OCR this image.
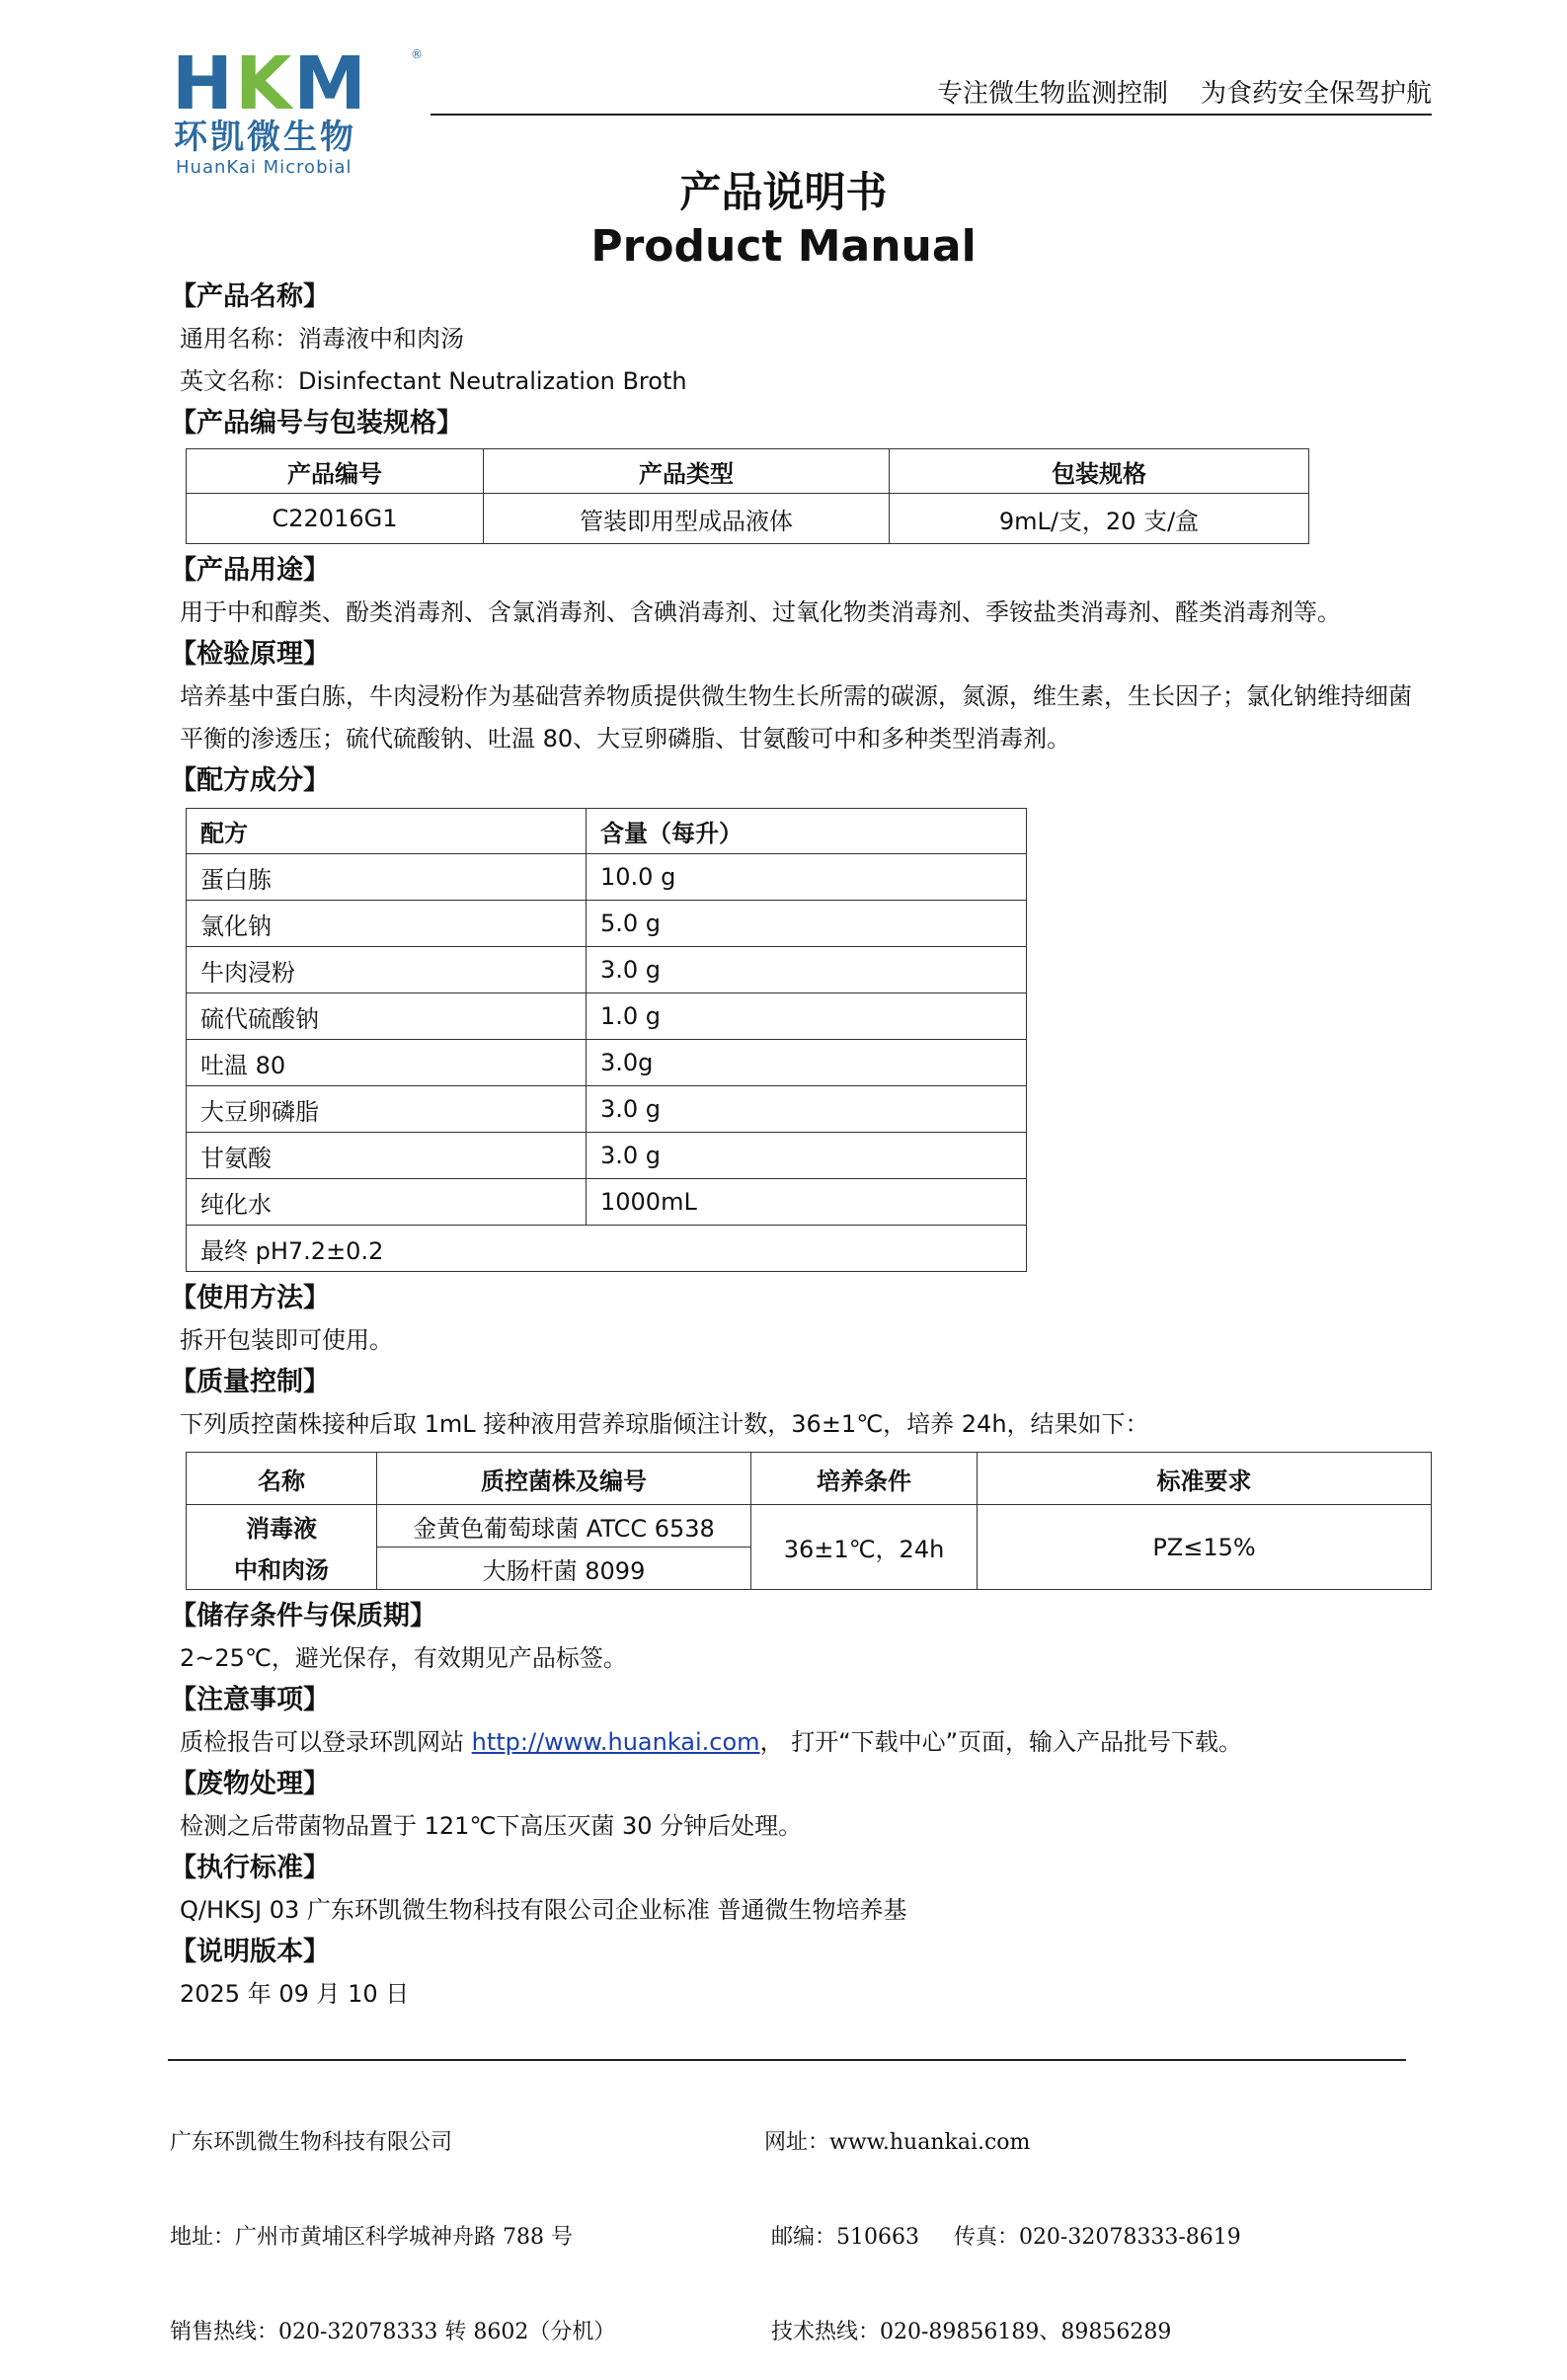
HKM	®
环凯微生物
HuanKai Microbial
专注微生物监测控制    为食药安全保驾护航
产品说明书
Product Manual
【产品名称】
通用名称：消毒液中和肉汤
英文名称：Disinfectant Neutralization Broth
【产品编号与包装规格】
产品编号	产品类型	包装规格
C22016G1	管装即用型成品液体	9mL/支，20 支/盒
【产品用途】
用于中和醇类、酚类消毒剂、含氯消毒剂、含碘消毒剂、过氧化物类消毒剂、季铵盐类消毒剂、醛类消毒剂等。
【检验原理】
培养基中蛋白胨，牛肉浸粉作为基础营养物质提供微生物生长所需的碳源，氮源，维生素，生长因子；氯化钠维持细菌
平衡的渗透压；硫代硫酸钠、吐温 80、大豆卵磷脂、甘氨酸可中和多种类型消毒剂。
【配方成分】
配方	含量（每升）
蛋白胨	10.0 g
氯化钠	5.0 g
牛肉浸粉	3.0 g
硫代硫酸钠	1.0 g
吐温 80	3.0g
大豆卵磷脂	3.0 g
甘氨酸	3.0 g
纯化水	1000mL
最终 pH7.2±0.2	
【使用方法】
拆开包装即可使用。
【质量控制】
下列质控菌株接种后取 1mL 接种液用营养琼脂倾注计数，36±1℃，培养 24h，结果如下：
名称	质控菌株及编号	培养条件	标准要求
消毒液	金黄色葡萄球菌 ATCC 6538	36±1℃，24h	PZ≤15%
中和肉汤	大肠杆菌 8099		
【储存条件与保质期】
2~25℃，避光保存，有效期见产品标签。
【注意事项】
质检报告可以登录环凯网站 http://www.huankai.com， 打开“下载中心”页面，输入产品批号下载。
【废物处理】
检测之后带菌物品置于 121℃下高压灭菌 30 分钟后处理。
【执行标准】
Q/HKSJ 03 广东环凯微生物科技有限公司企业标准 普通微生物培养基
【说明版本】
2025 年 09 月 10 日

广东环凯微生物科技有限公司

地址：广州市黄埔区科学城神舟路 788 号

销售热线：020-32078333 转 8602（分机）

网址：www.huankai.com

邮编：510663     传真：020-32078333-8619

技术热线：020-89856189、89856289
